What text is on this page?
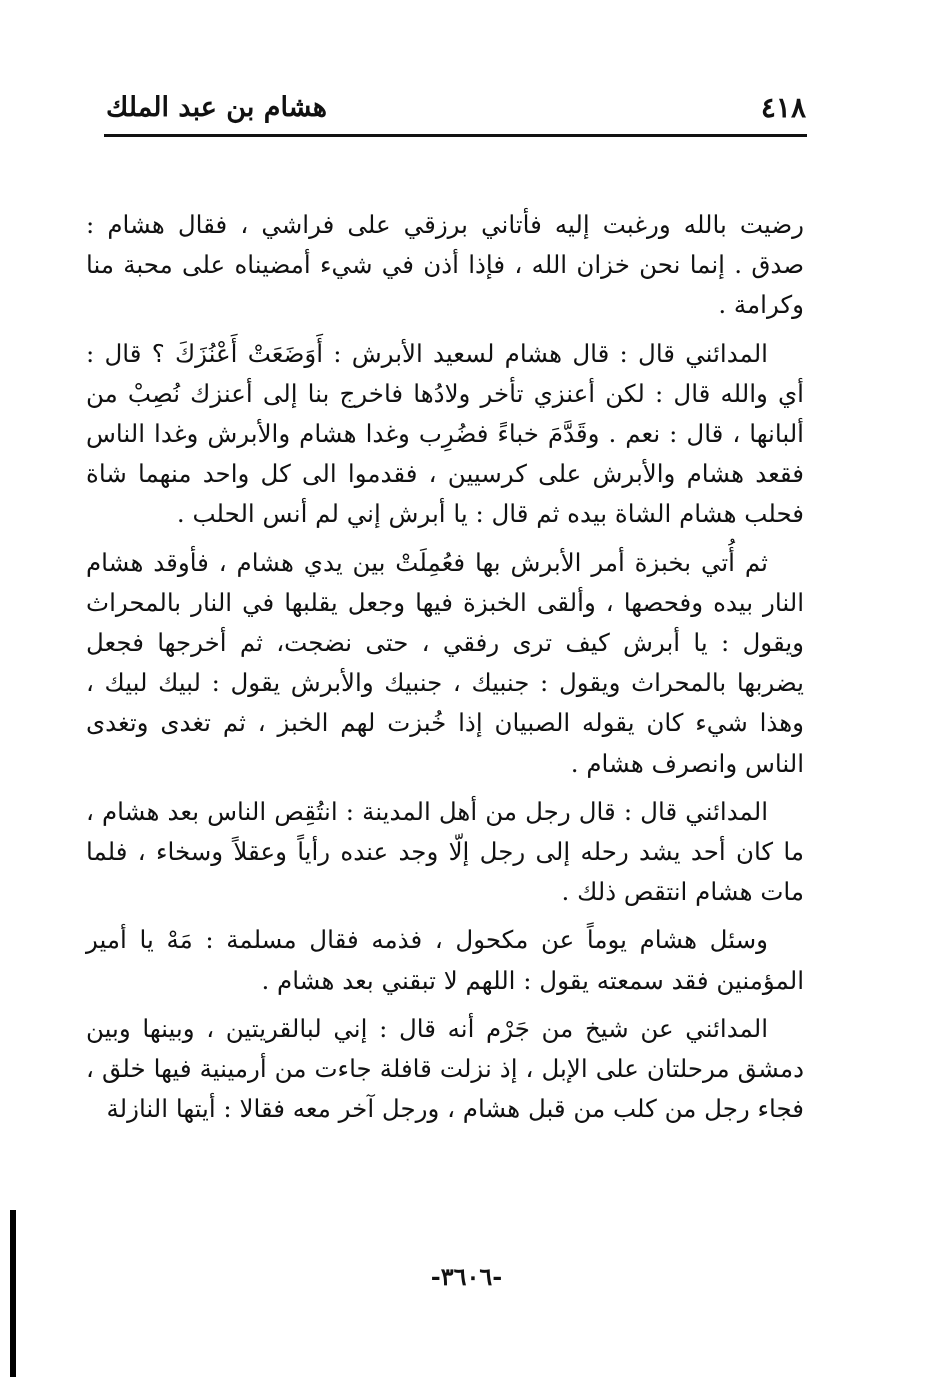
٤١٨
هشام بن عبد الملك

رضيت بالله ورغبت إليه فأتاني برزقي على فراشي ، فقال هشام : صدق . إنما نحن خزان الله ، فإذا أذن في شيء أمضيناه على محبة منا وكرامة .

المدائني قال : قال هشام لسعيد الأبرش : أَوَضَعَتْ أَعْنُزَكَ ؟ قال : أي والله قال : لكن أعنزي تأخر ولادُها فاخرج بنا إلى أعنزك نُصِبْ من ألبانها ، قال : نعم . وقَدَّمَ خباءً فضُرِب وغدا هشام والأبرش وغدا الناس فقعد هشام والأبرش على كرسيين ، فقدموا الى كل واحد منهما شاة فحلب هشام الشاة بيده ثم قال : يا أبرش إني لم أنس الحلب .

ثم أُتي بخبزة أمر الأبرش بها فعُمِلَتْ بين يدي هشام ، فأوقد هشام النار بيده وفحصها ، وألقى الخبزة فيها وجعل يقلبها في النار بالمحراث ويقول : يا أبرش كيف ترى رفقي ، حتى نضجت، ثم أخرجها فجعل يضربها بالمحراث ويقول : جنبيك ، جنبيك والأبرش يقول : لبيك لبيك ، وهذا شيء كان يقوله الصبيان إذا خُبزت لهم الخبز ، ثم تغدى وتغدى الناس وانصرف هشام .

المدائني قال : قال رجل من أهل المدينة : انتُقِص الناس بعد هشام ، ما كان أحد يشد رحله إلى رجل إلّا وجد عنده رأياً وعقلاً وسخاء ، فلما مات هشام انتقص ذلك .

وسئل هشام يوماً عن مكحول ، فذمه فقال مسلمة : مَهْ يا أمير المؤمنين فقد سمعته يقول : اللهم لا تبقني بعد هشام .

المدائني عن شيخ من جَرْم أنه قال : إني لبالقريتين ، وبينها وبين دمشق مرحلتان على الإبل ، إذ نزلت قافلة جاءت من أرمينية فيها خلق ، فجاء رجل من كلب من قبل هشام ، ورجل آخر معه فقالا : أيتها النازلة

-٣٦٠٦-
